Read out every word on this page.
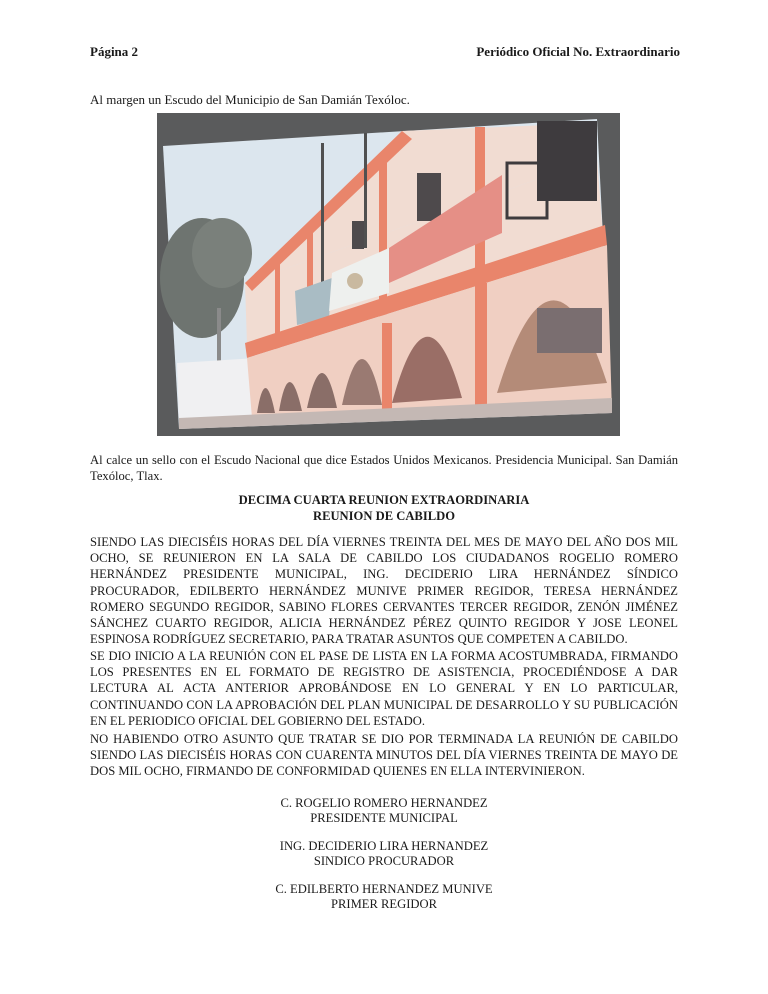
Página 2	Periódico Oficial No. Extraordinario
Al margen un Escudo del Municipio de San Damián Texóloc.
Al calce un sello con el Escudo Nacional que dice Estados Unidos Mexicanos. Presidencia Municipal. San Damián Texóloc, Tlax.
DECIMA CUARTA REUNION EXTRAORDINARIA
REUNION DE CABILDO
SIENDO LAS DIECISÉIS HORAS DEL DÍA VIERNES TREINTA DEL MES DE MAYO DEL AÑO DOS MIL OCHO, SE REUNIERON EN LA SALA DE CABILDO LOS CIUDADANOS ROGELIO ROMERO HERNÁNDEZ PRESIDENTE MUNICIPAL, ING. DECIDERIO LIRA HERNÁNDEZ SÍNDICO PROCURADOR, EDILBERTO HERNÁNDEZ MUNIVE PRIMER REGIDOR, TERESA HERNÁNDEZ ROMERO SEGUNDO REGIDOR, SABINO FLORES CERVANTES TERCER REGIDOR, ZENÓN JIMÉNEZ SÁNCHEZ CUARTO REGIDOR, ALICIA HERNÁNDEZ PÉREZ QUINTO REGIDOR Y JOSE LEONEL ESPINOSA RODRÍGUEZ SECRETARIO, PARA TRATAR ASUNTOS QUE COMPETEN A CABILDO.
SE DIO INICIO A LA REUNIÓN CON EL PASE DE LISTA EN LA FORMA ACOSTUMBRADA, FIRMANDO LOS PRESENTES EN EL FORMATO DE REGISTRO DE ASISTENCIA, PROCEDIÉNDOSE A DAR LECTURA AL ACTA ANTERIOR APROBÁNDOSE EN LO GENERAL Y EN LO PARTICULAR, CONTINUANDO CON LA APROBACIÓN DEL PLAN MUNICIPAL DE DESARROLLO Y SU PUBLICACIÓN EN EL PERIODICO OFICIAL DEL GOBIERNO DEL ESTADO.
NO HABIENDO OTRO ASUNTO QUE TRATAR SE DIO POR TERMINADA LA REUNIÓN DE CABILDO SIENDO LAS DIECISÉIS HORAS CON CUARENTA MINUTOS DEL DÍA VIERNES TREINTA DE MAYO DE DOS MIL OCHO, FIRMANDO DE CONFORMIDAD QUIENES EN ELLA INTERVINIERON.
C. ROGELIO ROMERO HERNANDEZ
PRESIDENTE MUNICIPAL
ING. DECIDERIO LIRA HERNANDEZ
SINDICO PROCURADOR
C. EDILBERTO HERNANDEZ MUNIVE
PRIMER REGIDOR
